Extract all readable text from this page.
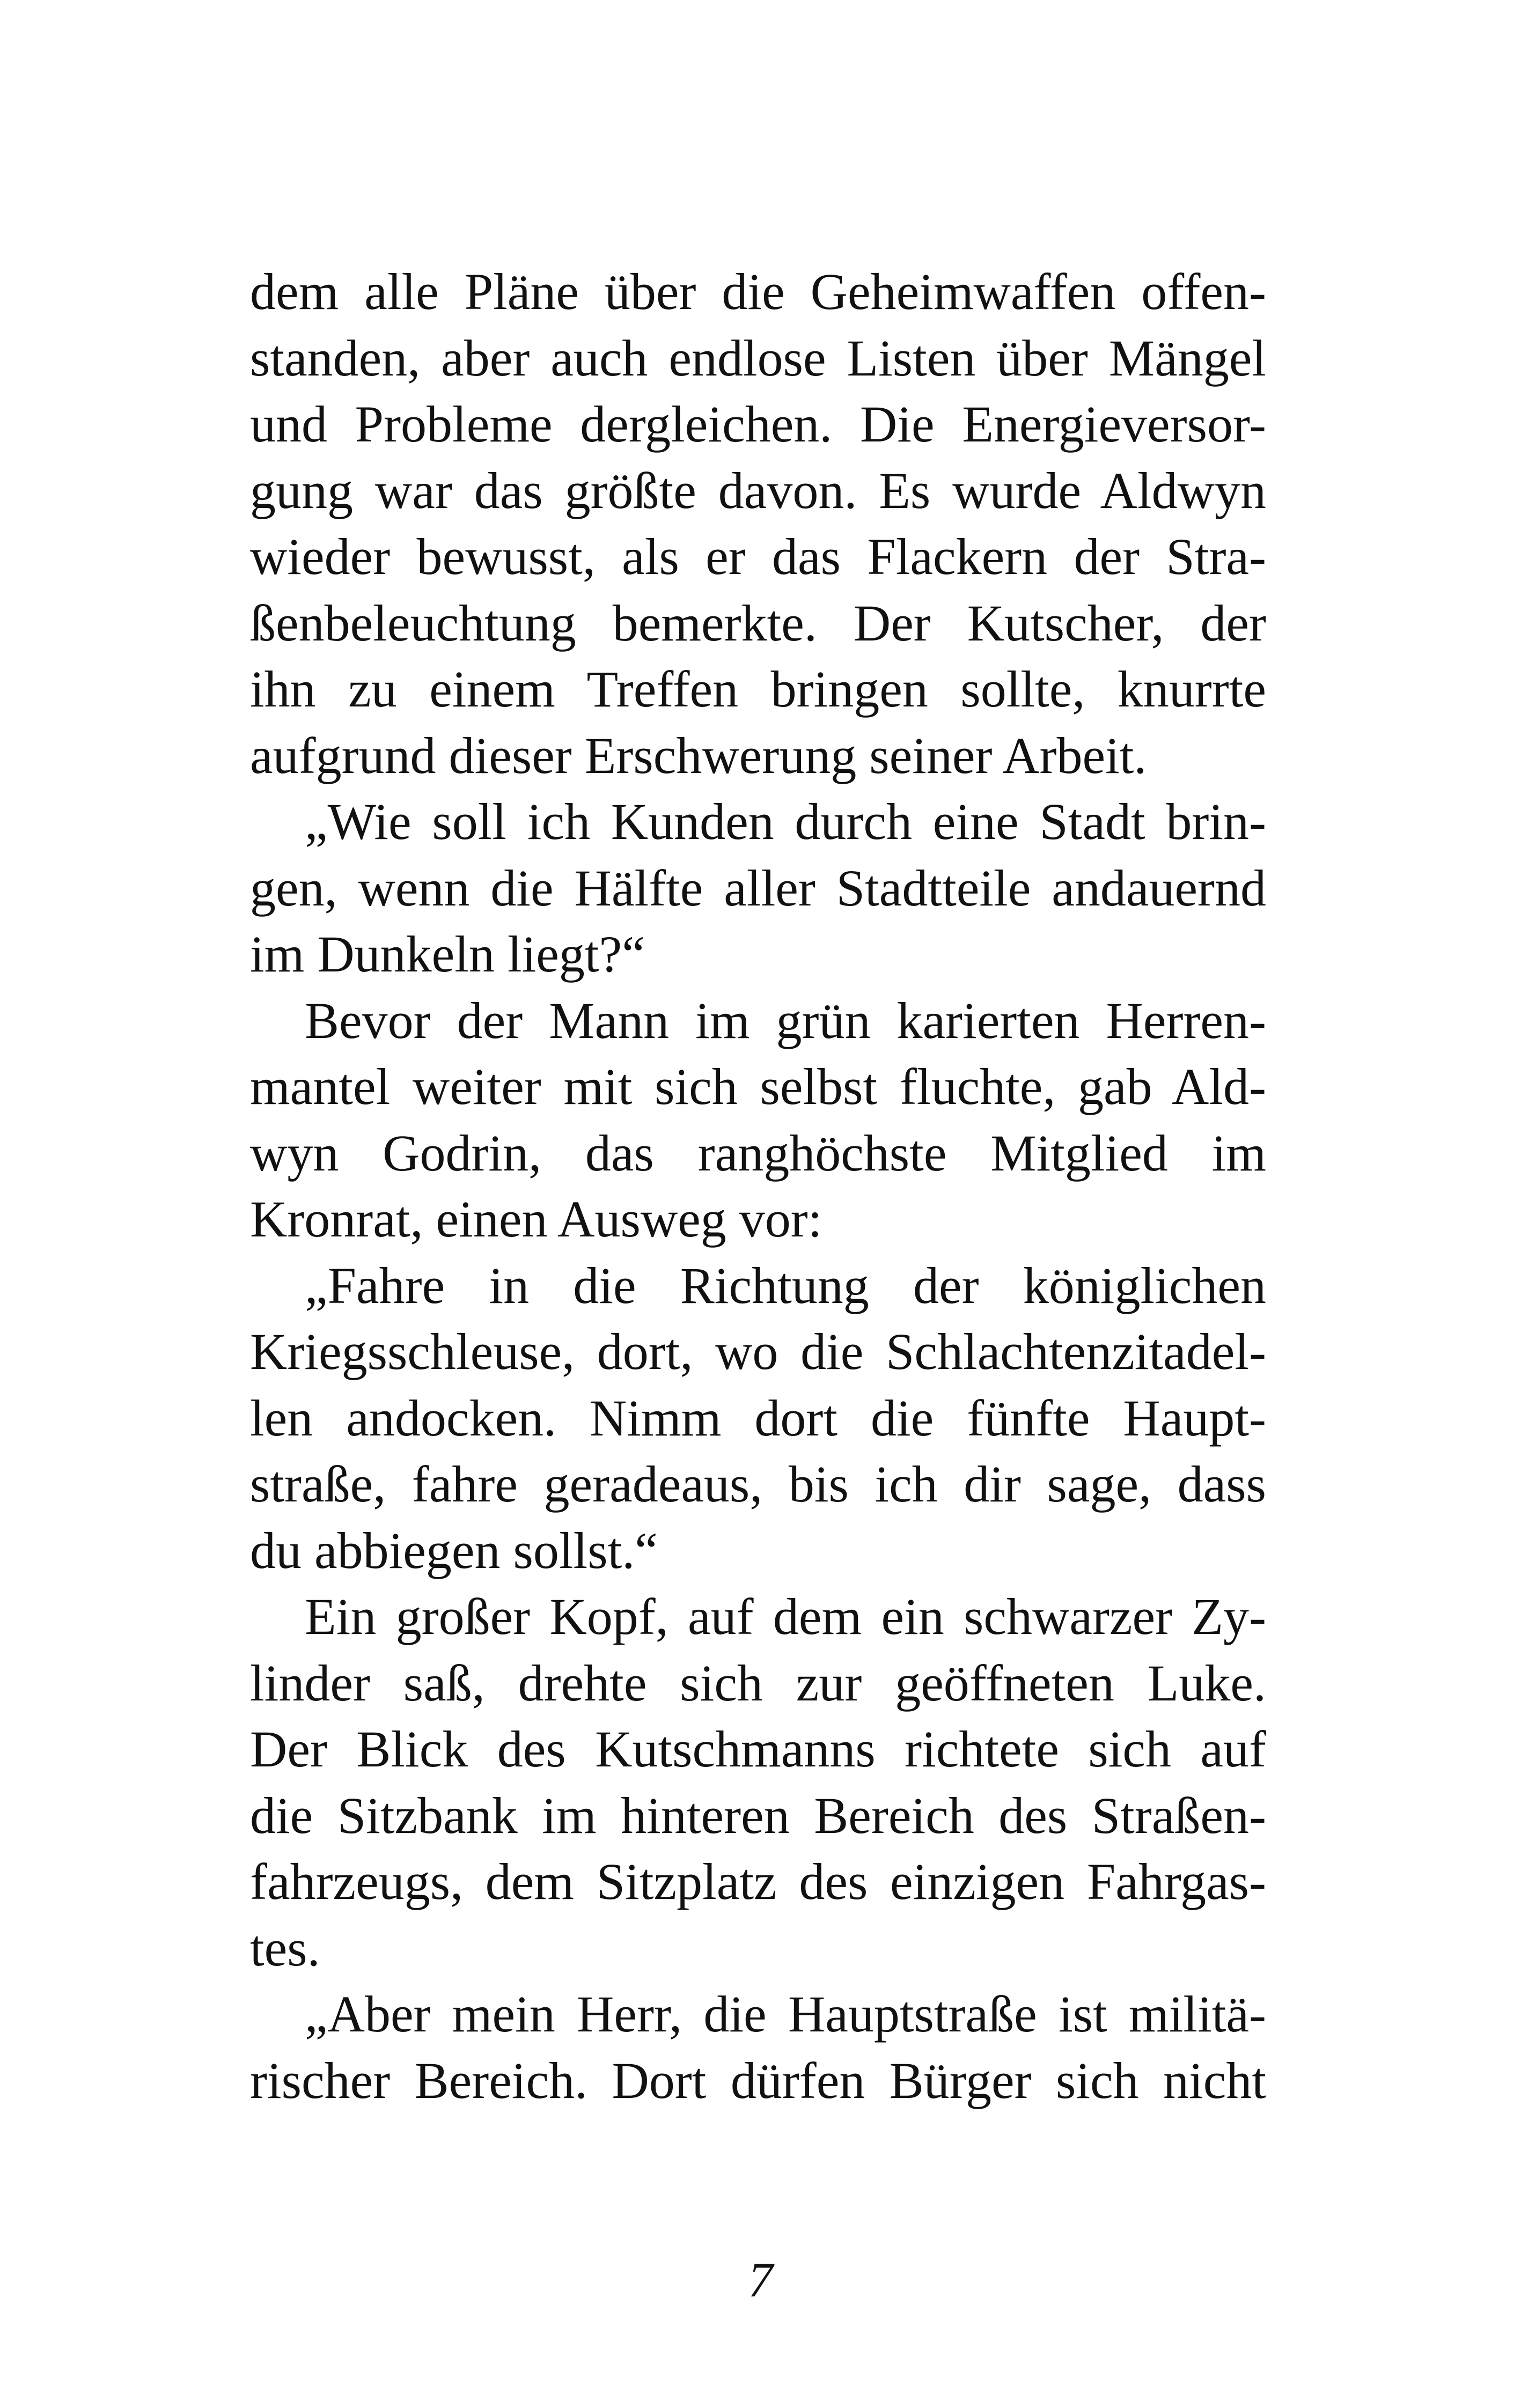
dem alle Pläne über die Geheimwaffen offen-
standen, aber auch endlose Listen über Mängel
und Probleme dergleichen. Die Energieversor-
gung war das größte davon. Es wurde Aldwyn
wieder bewusst, als er das Flackern der Stra-
ßenbeleuchtung bemerkte. Der Kutscher, der
ihn zu einem Treffen bringen sollte, knurrte
aufgrund dieser Erschwerung seiner Arbeit.
„Wie soll ich Kunden durch eine Stadt brin-
gen, wenn die Hälfte aller Stadtteile andauernd
im Dunkeln liegt?“
Bevor der Mann im grün karierten Herren-
mantel weiter mit sich selbst fluchte, gab Ald-
wyn Godrin, das ranghöchste Mitglied im
Kronrat, einen Ausweg vor:
„Fahre in die Richtung der königlichen
Kriegsschleuse, dort, wo die Schlachtenzitadel-
len andocken. Nimm dort die fünfte Haupt-
straße, fahre geradeaus, bis ich dir sage, dass
du abbiegen sollst.“
Ein großer Kopf, auf dem ein schwarzer Zy-
linder saß, drehte sich zur geöffneten Luke.
Der Blick des Kutschmanns richtete sich auf
die Sitzbank im hinteren Bereich des Straßen-
fahrzeugs, dem Sitzplatz des einzigen Fahrgas-
tes.
„Aber mein Herr, die Hauptstraße ist militä-
rischer Bereich. Dort dürfen Bürger sich nicht
7
